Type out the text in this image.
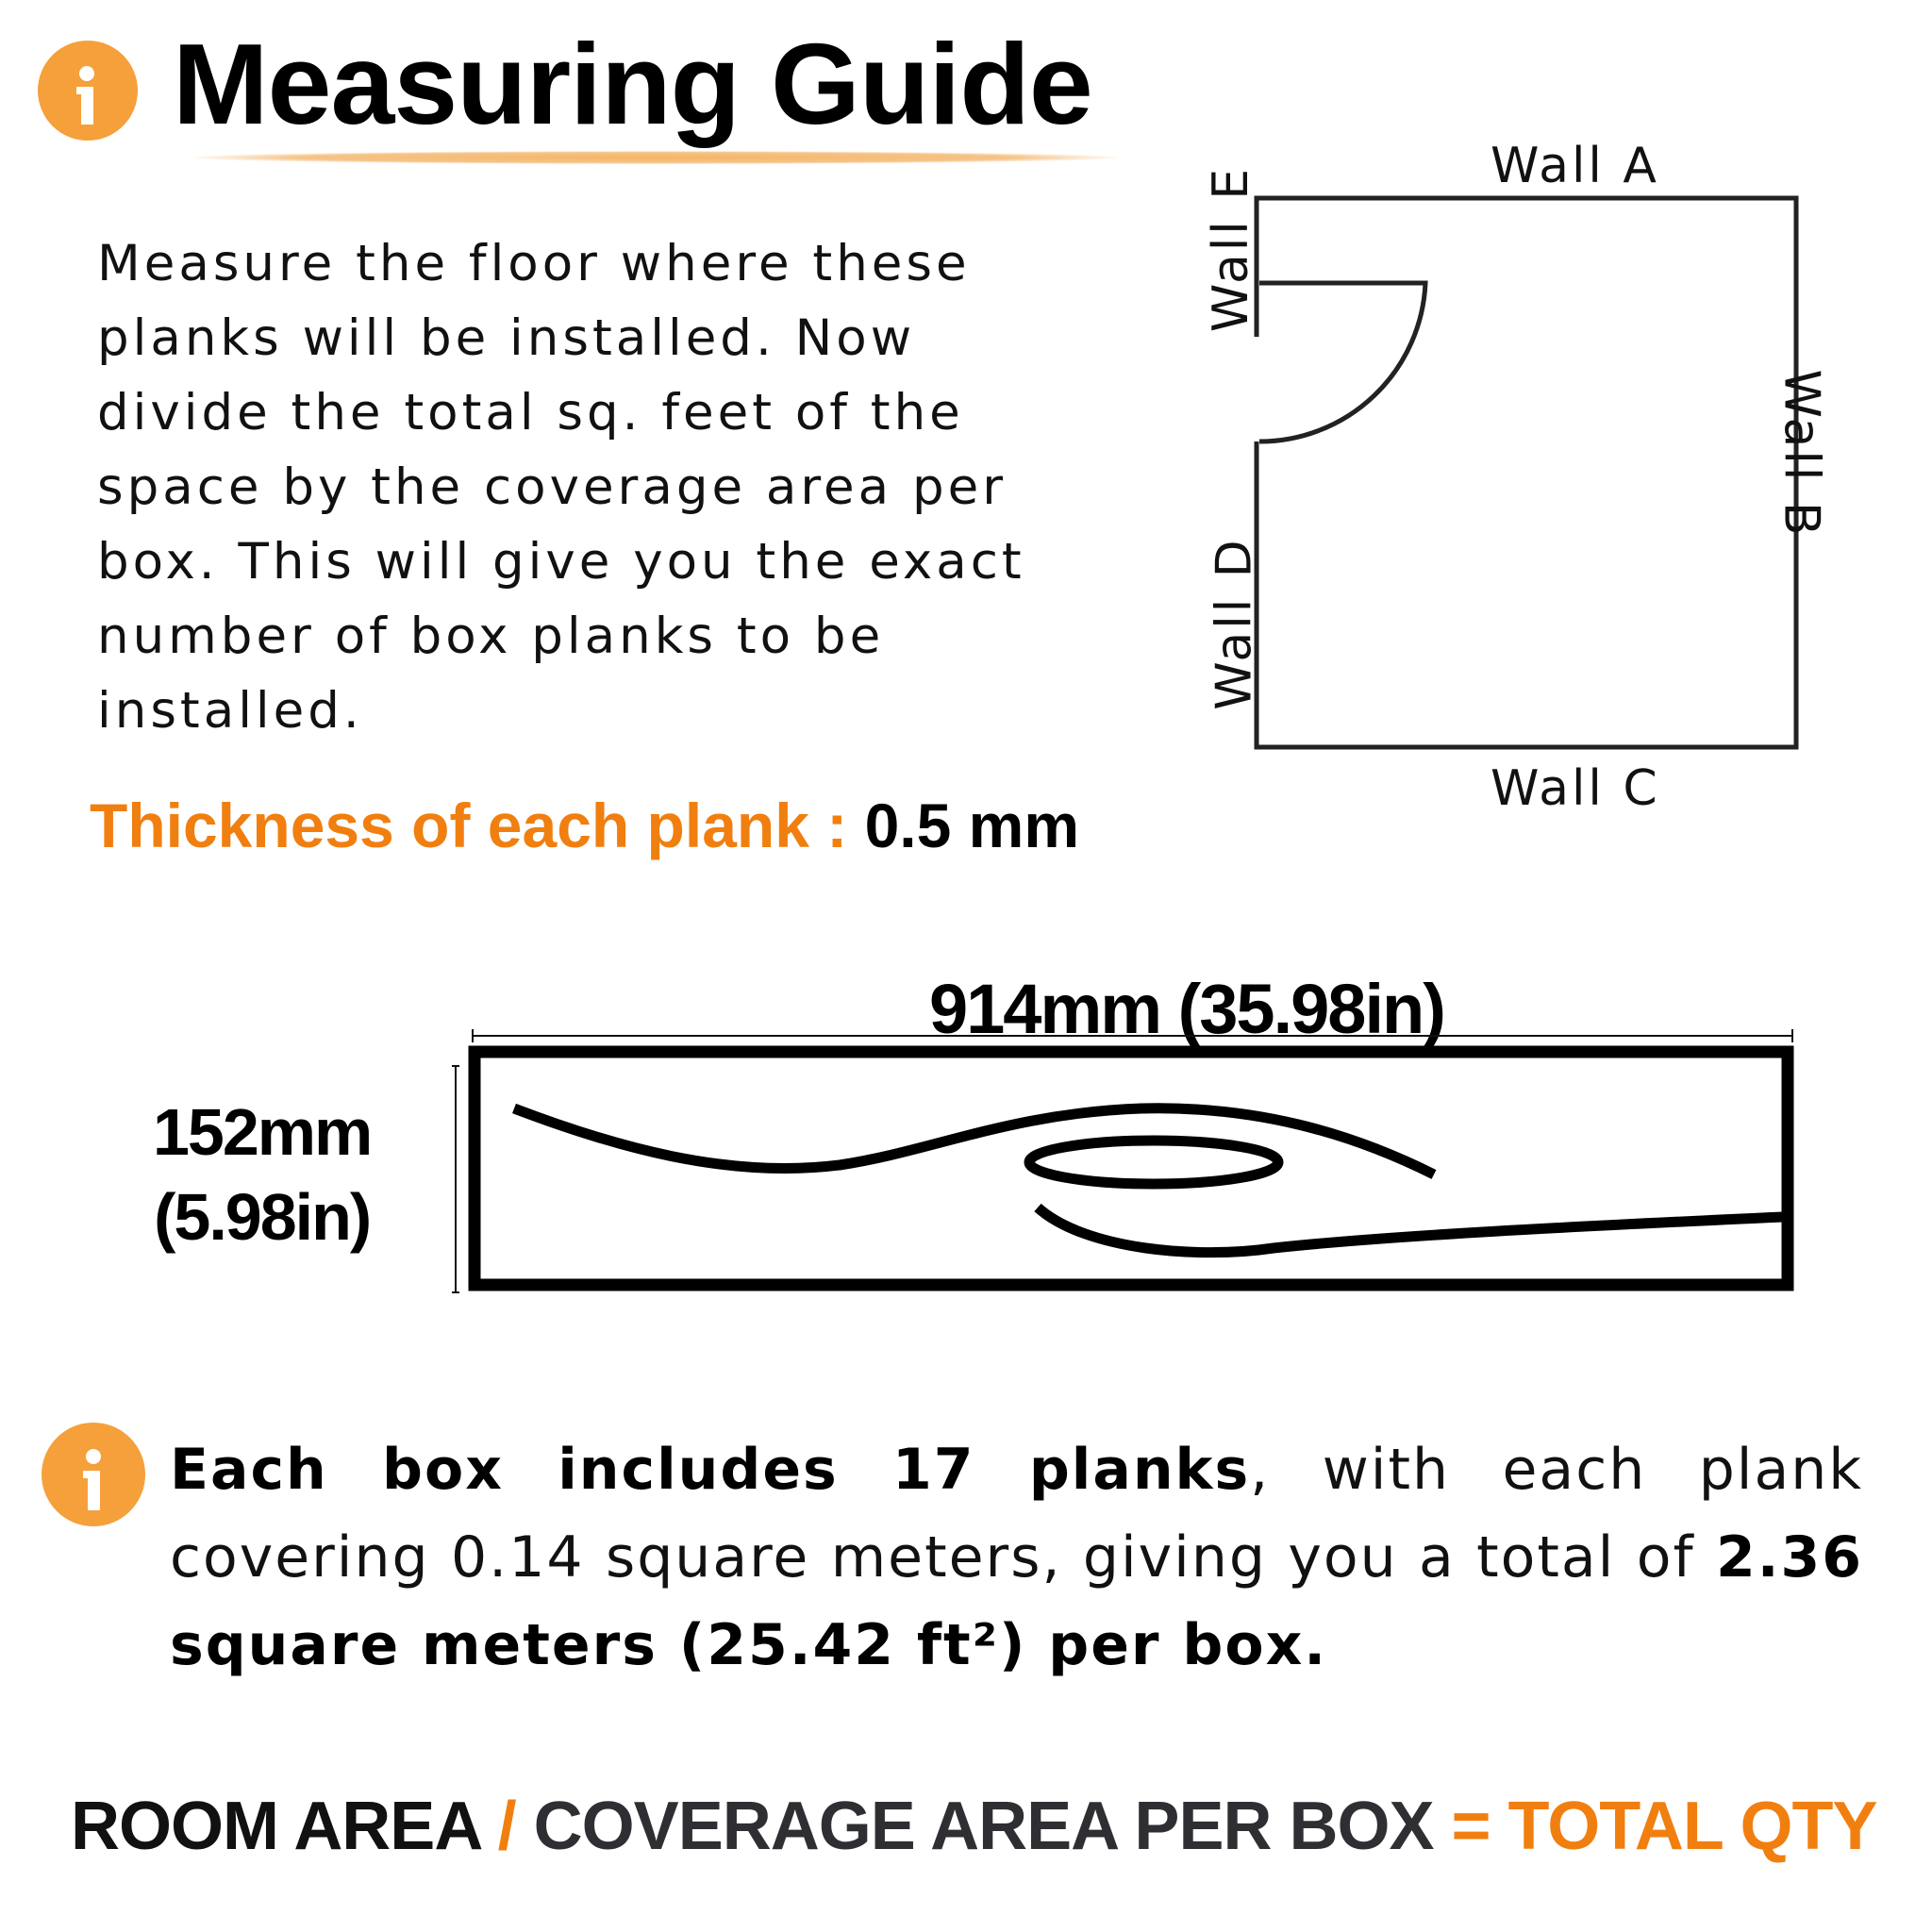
Measuring Guide
Measure the floor where these planks will be installed. Now divide the total sq. feet of the space by the coverage area per box. This will give you the exact number of box planks to be installed.
Thickness of each plank : 0.5 mm
Wall A
Wall B
Wall C
Wall D
Wall E
914mm (35.98in)
152mm
(5.98in)
Each box includes 17 planks, with each plank covering 0.14 square meters, giving you a total of 2.36 square meters (25.42 ft²) per box.
ROOM AREA / COVERAGE AREA PER BOX = TOTAL QTY
